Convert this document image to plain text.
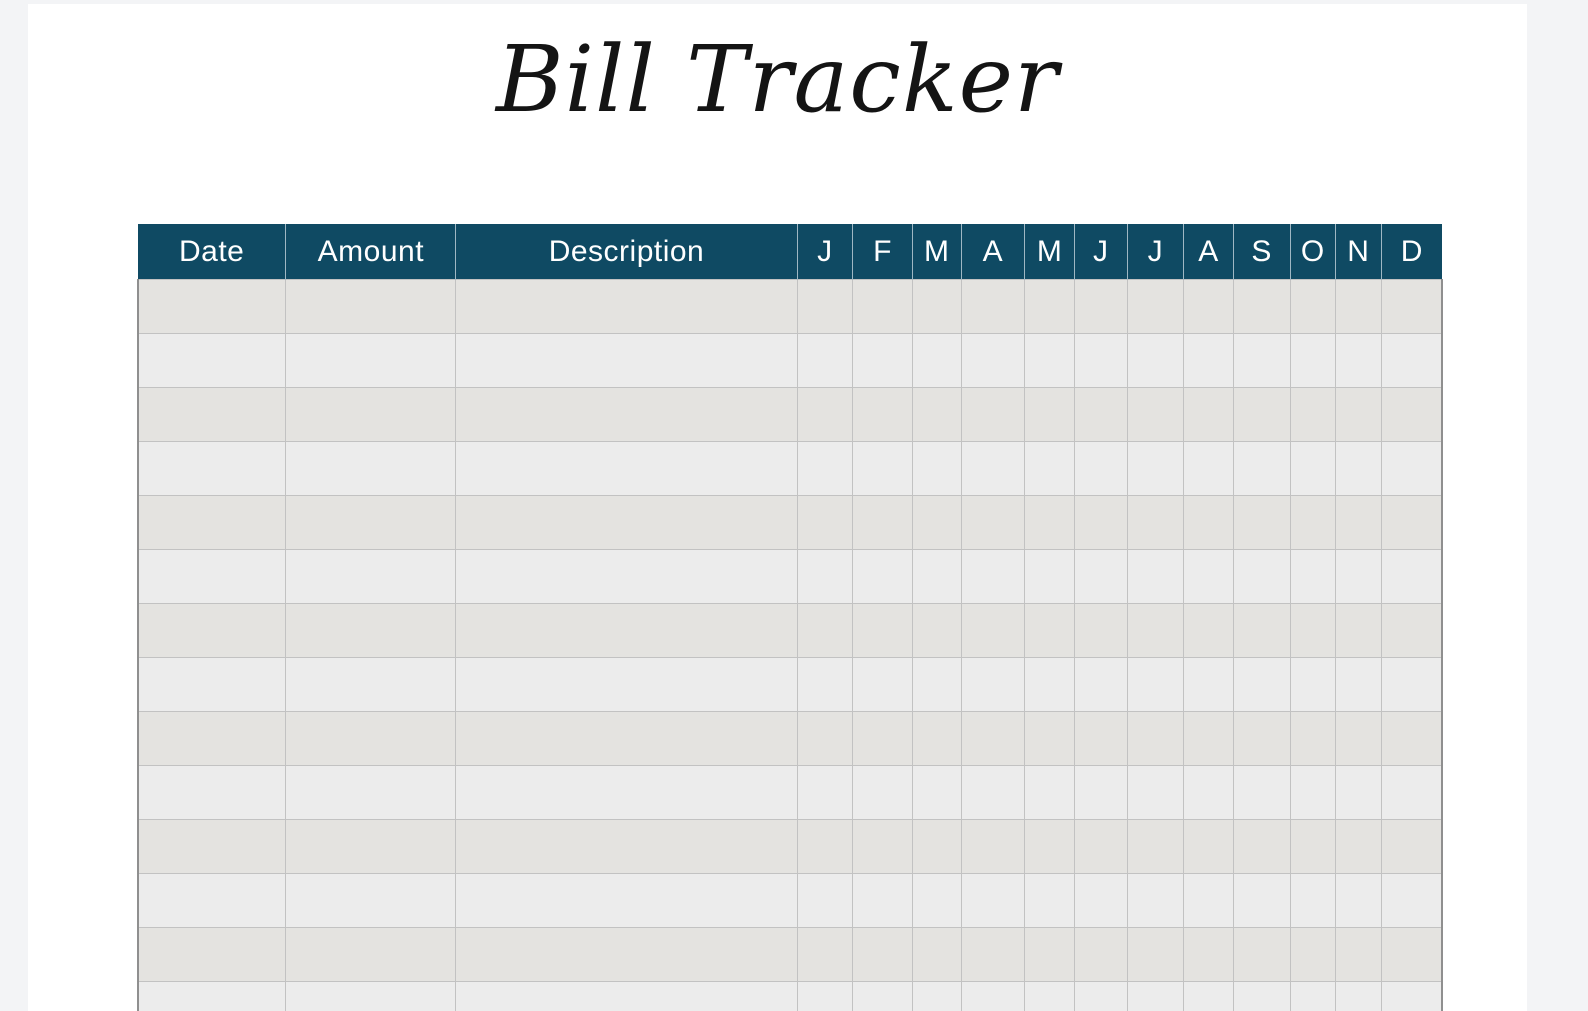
Bill Tracker
Date	Amount	Description	J	F	M	A	M	J	J	A	S	O	N	D
